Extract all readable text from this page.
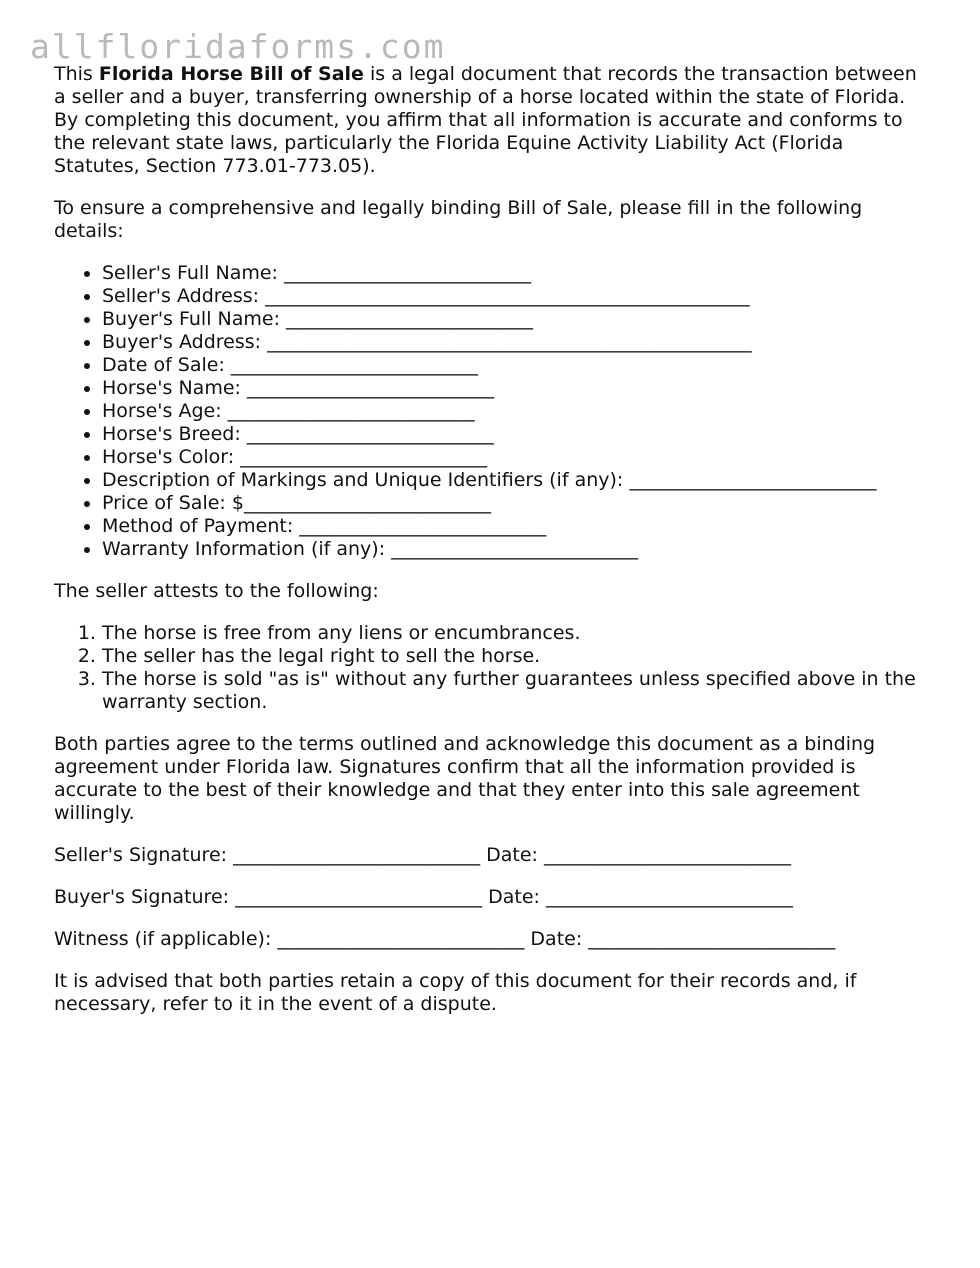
allfloridaforms.com

This Florida Horse Bill of Sale is a legal document that records the transaction between a seller and a buyer, transferring ownership of a horse located within the state of Florida. By completing this document, you affirm that all information is accurate and conforms to the relevant state laws, particularly the Florida Equine Activity Liability Act (Florida Statutes, Section 773.01-773.05).

To ensure a comprehensive and legally binding Bill of Sale, please fill in the following details:

• Seller's Full Name: __________________________
• Seller's Address: ___________________________________________________
• Buyer's Full Name: __________________________
• Buyer's Address: ___________________________________________________
• Date of Sale: __________________________
• Horse's Name: __________________________
• Horse's Age: __________________________
• Horse's Breed: __________________________
• Horse's Color: __________________________
• Description of Markings and Unique Identifiers (if any): __________________________
• Price of Sale: $__________________________
• Method of Payment: __________________________
• Warranty Information (if any): __________________________

The seller attests to the following:

1. The horse is free from any liens or encumbrances.
2. The seller has the legal right to sell the horse.
3. The horse is sold "as is" without any further guarantees unless specified above in the warranty section.

Both parties agree to the terms outlined and acknowledge this document as a binding agreement under Florida law. Signatures confirm that all the information provided is accurate to the best of their knowledge and that they enter into this sale agreement willingly.

Seller's Signature: __________________________ Date: __________________________
Buyer's Signature: __________________________ Date: __________________________
Witness (if applicable): __________________________ Date: __________________________

It is advised that both parties retain a copy of this document for their records and, if necessary, refer to it in the event of a dispute.
